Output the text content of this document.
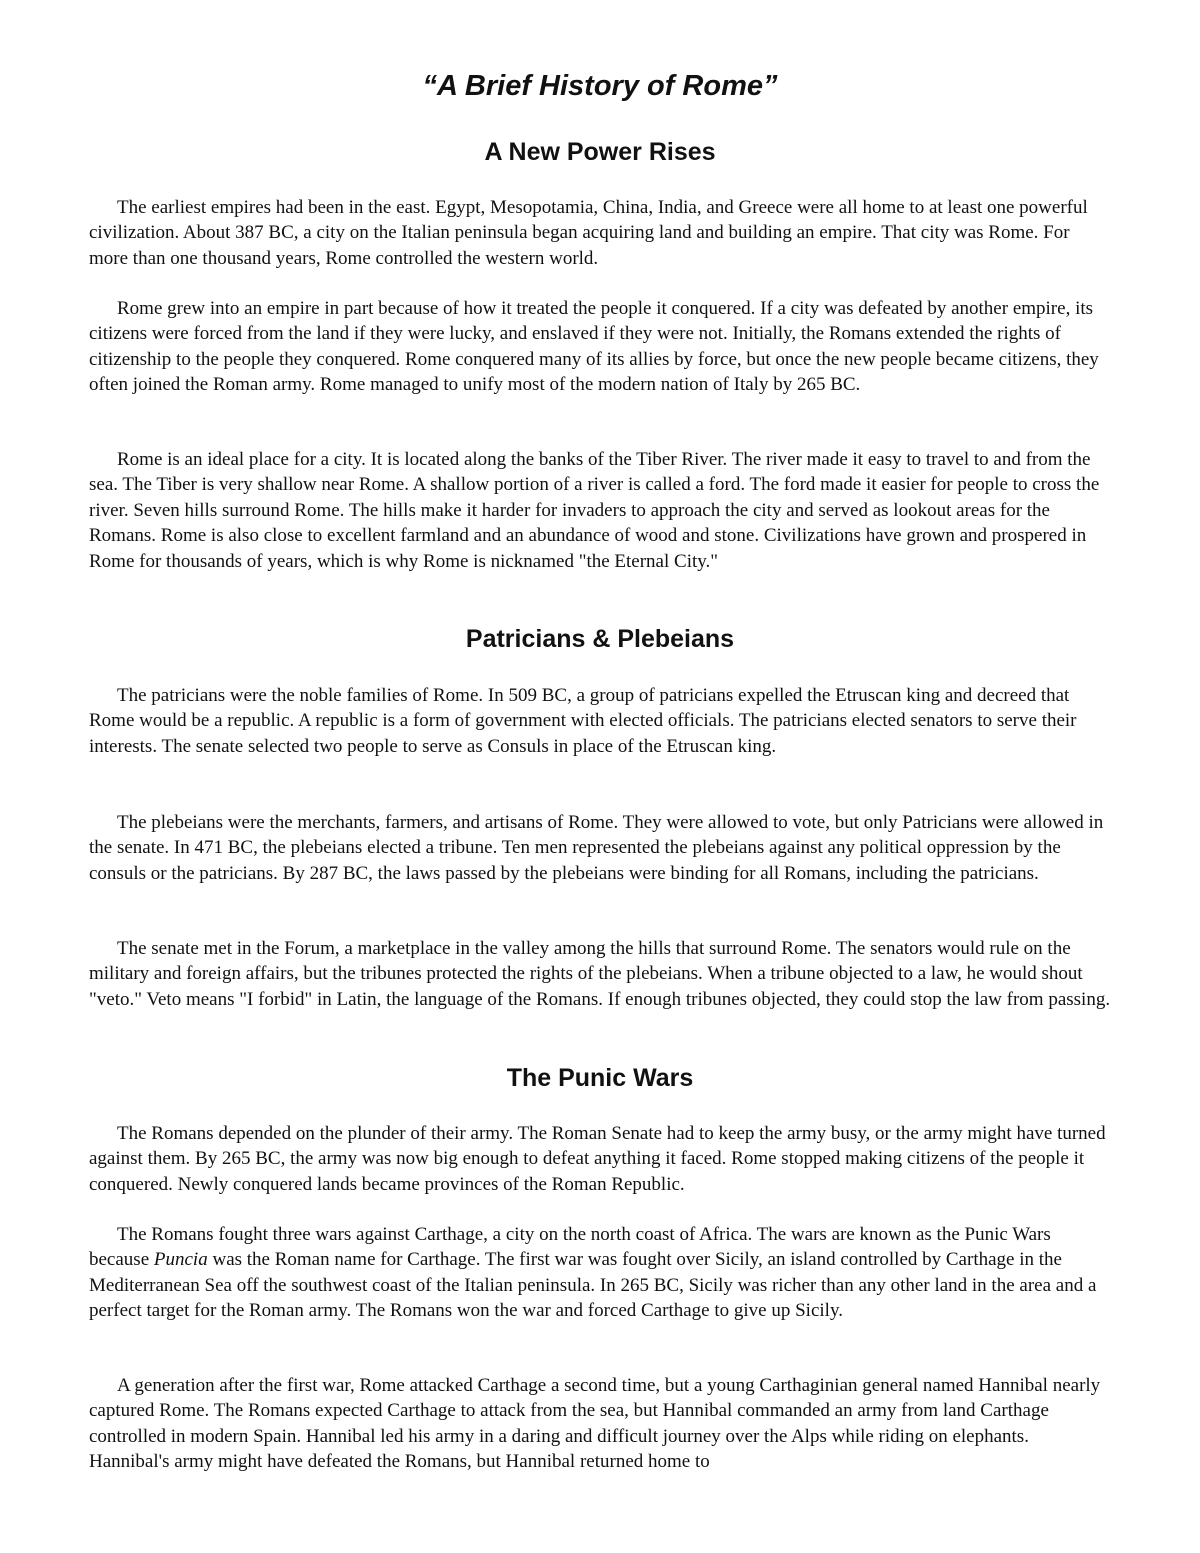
“A Brief History of Rome”
A New Power Rises

The earliest empires had been in the east. Egypt, Mesopotamia, China, India, and Greece were all home to at least one powerful civilization. About 387 BC, a city on the Italian peninsula began acquiring land and building an empire. That city was Rome. For more than one thousand years, Rome controlled the western world.

Rome grew into an empire in part because of how it treated the people it conquered. If a city was defeated by another empire, its citizens were forced from the land if they were lucky, and enslaved if they were not. Initially, the Romans extended the rights of citizenship to the people they conquered. Rome conquered many of its allies by force, but once the new people became citizens, they often joined the Roman army. Rome managed to unify most of the modern nation of Italy by 265 BC.

Rome is an ideal place for a city. It is located along the banks of the Tiber River. The river made it easy to travel to and from the sea. The Tiber is very shallow near Rome. A shallow portion of a river is called a ford. The ford made it easier for people to cross the river. Seven hills surround Rome. The hills make it harder for invaders to approach the city and served as lookout areas for the Romans. Rome is also close to excellent farmland and an abundance of wood and stone. Civilizations have grown and prospered in Rome for thousands of years, which is why Rome is nicknamed "the Eternal City."

Patricians & Plebeians

The patricians were the noble families of Rome. In 509 BC, a group of patricians expelled the Etruscan king and decreed that Rome would be a republic. A republic is a form of government with elected officials. The patricians elected senators to serve their interests. The senate selected two people to serve as Consuls in place of the Etruscan king.

The plebeians were the merchants, farmers, and artisans of Rome. They were allowed to vote, but only Patricians were allowed in the senate. In 471 BC, the plebeians elected a tribune. Ten men represented the plebeians against any political oppression by the consuls or the patricians. By 287 BC, the laws passed by the plebeians were binding for all Romans, including the patricians.

The senate met in the Forum, a marketplace in the valley among the hills that surround Rome. The senators would rule on the military and foreign affairs, but the tribunes protected the rights of the plebeians. When a tribune objected to a law, he would shout "veto." Veto means "I forbid" in Latin, the language of the Romans. If enough tribunes objected, they could stop the law from passing.

The Punic Wars

The Romans depended on the plunder of their army. The Roman Senate had to keep the army busy, or the army might have turned against them. By 265 BC, the army was now big enough to defeat anything it faced. Rome stopped making citizens of the people it conquered. Newly conquered lands became provinces of the Roman Republic.

The Romans fought three wars against Carthage, a city on the north coast of Africa. The wars are known as the Punic Wars because Puncia was the Roman name for Carthage. The first war was fought over Sicily, an island controlled by Carthage in the Mediterranean Sea off the southwest coast of the Italian peninsula. In 265 BC, Sicily was richer than any other land in the area and a perfect target for the Roman army. The Romans won the war and forced Carthage to give up Sicily.

A generation after the first war, Rome attacked Carthage a second time, but a young Carthaginian general named Hannibal nearly captured Rome. The Romans expected Carthage to attack from the sea, but Hannibal commanded an army from land Carthage controlled in modern Spain. Hannibal led his army in a daring and difficult journey over the Alps while riding on elephants. Hannibal's army might have defeated the Romans, but Hannibal returned home to
